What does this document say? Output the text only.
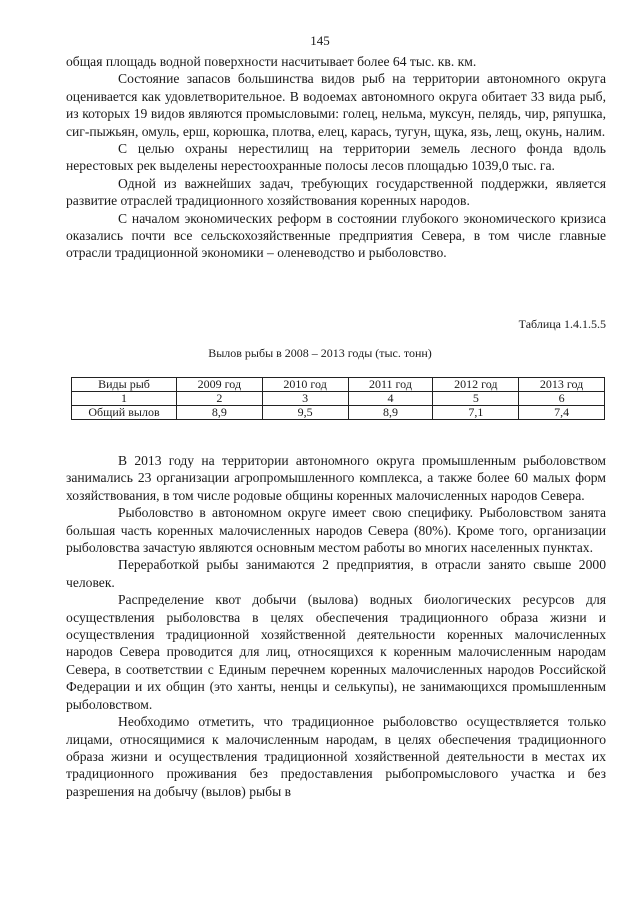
145

общая площадь водной поверхности насчитывает более 64 тыс. кв. км.

Состояние запасов большинства видов рыб на территории автономного округа оценивается как удовлетворительное. В водоемах автономного округа обитает 33 вида рыб, из которых 19 видов являются промысловыми: голец, нельма, муксун, пелядь, чир, ряпушка, сиг-пыжьян, омуль, ерш, корюшка, плотва, елец, карась, тугун, щука, язь, лещ, окунь, налим.

С целью охраны нерестилищ на территории земель лесного фонда вдоль нерестовых рек выделены нерестоохранные полосы лесов площадью 1039,0 тыс. га.

Одной из важнейших задач, требующих государственной поддержки, является развитие отраслей традиционного хозяйствования коренных народов.

С началом экономических реформ в состоянии глубокого экономического кризиса оказались почти все сельскохозяйственные предприятия Севера, в том числе главные отрасли традиционной экономики – оленеводство и рыболовство.

Таблица 1.4.1.5.5
Вылов рыбы в 2008 – 2013 годы (тыс. тонн)
Виды рыб	2009 год	2010 год	2011 год	2012 год	2013 год
1	2	3	4	5	6
Общий вылов	8,9	9,5	8,9	7,1	7,4

В 2013 году на территории автономного округа промышленным рыболовством занимались 23 организации агропромышленного комплекса, а также более 60 малых форм хозяйствования, в том числе родовые общины коренных малочисленных народов Севера.

Рыболовство в автономном округе имеет свою специфику. Рыболовством занята большая часть коренных малочисленных народов Севера (80%). Кроме того, организации рыболовства зачастую являются основным местом работы во многих населенных пунктах.

Переработкой рыбы занимаются 2 предприятия, в отрасли занято свыше 2000 человек.

Распределение квот добычи (вылова) водных биологических ресурсов для осуществления рыболовства в целях обеспечения традиционного образа жизни и осуществления традиционной хозяйственной деятельности коренных малочисленных народов Севера проводится для лиц, относящихся к коренным малочисленным народам Севера, в соответствии с Единым перечнем коренных малочисленных народов Российской Федерации и их общин (это ханты, ненцы и селькупы), не занимающихся промышленным рыболовством.

Необходимо отметить, что традиционное рыболовство осуществляется только лицами, относящимися к малочисленным народам, в целях обеспечения традиционного образа жизни и осуществления традиционной хозяйственной деятельности в местах их традиционного проживания без предоставления рыбопромыслового участка и без разрешения на добычу (вылов) рыбы в
